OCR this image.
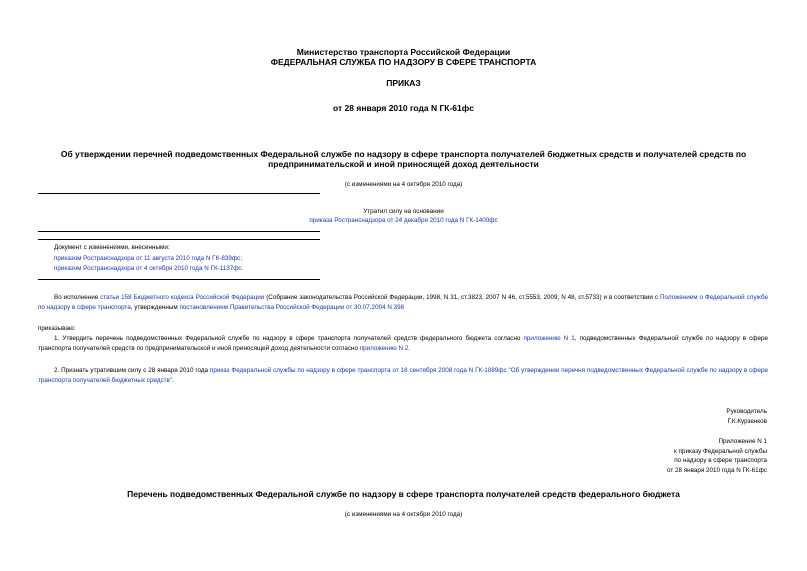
Министерство транспорта Российской Федерации
ФЕДЕРАЛЬНАЯ СЛУЖБА ПО НАДЗОРУ В СФЕРЕ ТРАНСПОРТА
ПРИКАЗ
от 28 января 2010 года N ГК-61фс
Об утверждении перечней подведомственных Федеральной службе по надзору в сфере транспорта получателей бюджетных средств и получателей средств по
предпринимательской и иной приносящей доход деятельности
(с изменениями на 4 октября 2010 года)
Утратил силу на основании
приказа Ространснадзора от 24 декабря 2010 года N ГК-1400фс
Документ с изменениями, внесенными:
приказом Ространснадзора от 11 августа 2010 года N ГК-839фс;
приказом Ространснадзора от 4 октября 2010 года N ГК-1137фс.
Во исполнение статьи 158 Бюджетного кодекса Российской Федерации (Собрание законодательства Российской Федерации, 1998, N 31, ст.3823, 2007 N 46, ст.5553, 2009, N 48, ст.5733) и в соответствии с Положением о Федеральной службе по надзору в сфере транспорта, утвержденным постановлением Правительства Российской Федерации от 30.07.2004 N 398
приказываю:
1. Утвердить перечень подведомственных Федеральной службе по надзору в сфере транспорта получателей средств федерального бюджета согласно приложению N 1, подведомственных Федеральной службе по надзору в сфере транспорта получателей средств по предпринимательской и иной приносящей доход деятельности согласно приложению N 2.
2. Признать утратившим силу с 28 января 2010 года приказ Федеральной службы по надзору в сфере транспорта от 18 сентября 2008 года N ГК-1089фс "Об утверждении перечня подведомственных Федеральной службе по надзору в сфере транспорта получателей бюджетных средств".
Руководитель
Г.К.Курзенков
Приложение N 1
к приказу Федеральной службы
по надзору в сфере транспорта
от 28 января 2010 года N ГК-61фс
Перечень подведомственных Федеральной службе по надзору в сфере транспорта получателей средств федерального бюджета
(с изменениями на 4 октября 2010 года)
